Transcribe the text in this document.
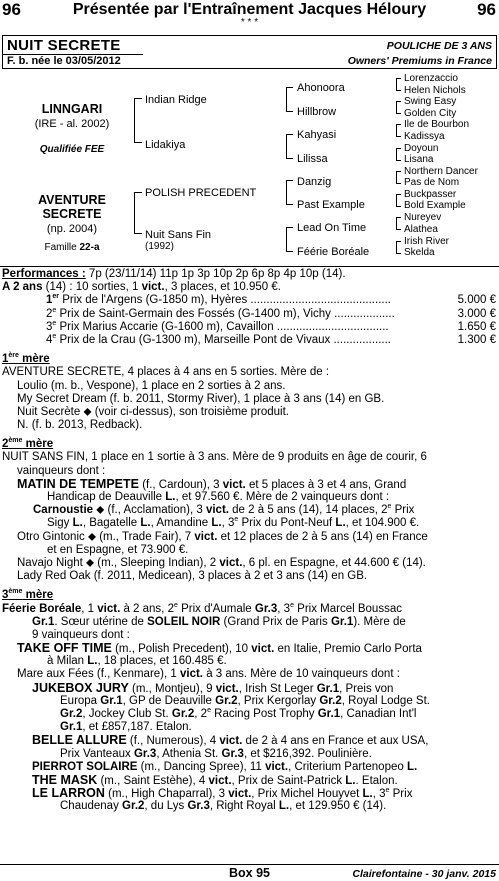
96	Présentée par l'Entraînement Jacques Héloury	96
* * *
NUIT SECRETE
F. b. née le 03/05/2012
POULICHE DE 3 ANS
Owners' Premiums in France
LINNGARI
(IRE - al. 2002)
Qualifiée FEE
AVENTURE
SECRETE
(np. 2004)
Famille 22-a
Indian Ridge
Lidakiya
POLISH PRECEDENT
Nuit Sans Fin
(1992)
Ahonoora
Hillbrow
Kahyasi
Lilissa
Danzig
Past Example
Lead On Time
Féérie Boréale
Lorenzaccio
Helen Nichols
Swing Easy
Golden City
Ile de Bourbon
Kadissya
Doyoun
Lisana
Northern Dancer
Pas de Nom
Buckpasser
Bold Example
Nureyev
Alathea
Irish River
Skelda
Performances : 7p (23/11/14) 11p 1p 3p 10p 2p 6p 8p 4p 10p (14).
A 2 ans (14) : 10 sorties, 1 vict., 3 places, et 10.950 €.
1er Prix de l'Argens (G-1850 m), Hyères ............................................	5.000 €
2e Prix de Saint-Germain des Fossés (G-1400 m), Vichy ...................	3.000 €
3e Prix Marius Accarie (G-1600 m), Cavaillon ...................................	1.650 €
4e Prix de la Crau (G-1300 m), Marseille Pont de Vivaux ..................	1.300 €
1ère mère
AVENTURE SECRETE, 4 places à 4 ans en 5 sorties. Mère de :
Loulio (m. b., Vespone), 1 place en 2 sorties à 2 ans.
My Secret Dream (f. b. 2011, Stormy River), 1 place à 3 ans (14) en GB.
Nuit Secrète ⬥ (voir ci-dessus), son troisième produit.
N. (f. b. 2013, Redback).
2ème mère
NUIT SANS FIN, 1 place en 1 sortie à 3 ans. Mère de 9 produits en âge de courir, 6
vainqueurs dont :
MATIN DE TEMPETE (f., Cardoun), 3 vict. et 5 places à 3 et 4 ans, Grand
Handicap de Deauville L., et 97.560 €. Mère de 2 vainqueurs dont :
Carnoustie ⬥ (f., Acclamation), 3 vict. de 2 à 5 ans (14), 14 places, 2e Prix
Sigy L., Bagatelle L., Amandine L., 3e Prix du Pont-Neuf L., et 104.900 €.
Otro Gintonic ⬥ (m., Trade Fair), 7 vict. et 12 places de 2 à 5 ans (14) en France
et en Espagne, et 73.900 €.
Navajo Night ⬥ (m., Sleeping Indian), 2 vict., 6 pl. en Espagne, et 44.600 € (14).
Lady Red Oak (f. 2011, Medicean), 3 places à 2 et 3 ans (14) en GB.
3ème mère
Féerie Boréale, 1 vict. à 2 ans, 2e Prix d'Aumale Gr.3, 3e Prix Marcel Boussac
Gr.1. Sœur utérine de SOLEIL NOIR (Grand Prix de Paris Gr.1). Mère de
9 vainqueurs dont :
TAKE OFF TIME (m., Polish Precedent), 10 vict. en Italie, Premio Carlo Porta
à Milan L., 18 places, et 160.485 €.
Mare aux Fées (f., Kenmare), 1 vict. à 3 ans. Mère de 10 vainqueurs dont :
JUKEBOX JURY (m., Montjeu), 9 vict., Irish St Leger Gr.1, Preis von
Europa Gr.1, GP de Deauville Gr.2, Prix Kergorlay Gr.2, Royal Lodge St.
Gr.2, Jockey Club St. Gr.2, 2e Racing Post Trophy Gr.1, Canadian Int'l
Gr.1, et £857,187. Etalon.
BELLE ALLURE (f., Numerous), 4 vict. de 2 à 4 ans en France et aux USA,
Prix Vanteaux Gr.3, Athenia St. Gr.3, et $216,392. Poulinière.
PIERROT SOLAIRE (m., Dancing Spree), 11 vict., Criterium Partenopeo L.
THE MASK (m., Saint Estèhe), 4 vict., Prix de Saint-Patrick L.. Etalon.
LE LARRON (m., High Chaparral), 3 vict., Prix Michel Houyvet L., 3e Prix
Chaudenay Gr.2, du Lys Gr.3, Right Royal L., et 129.950 € (14).
Box 95	Clairefontaine - 30 janv. 2015
